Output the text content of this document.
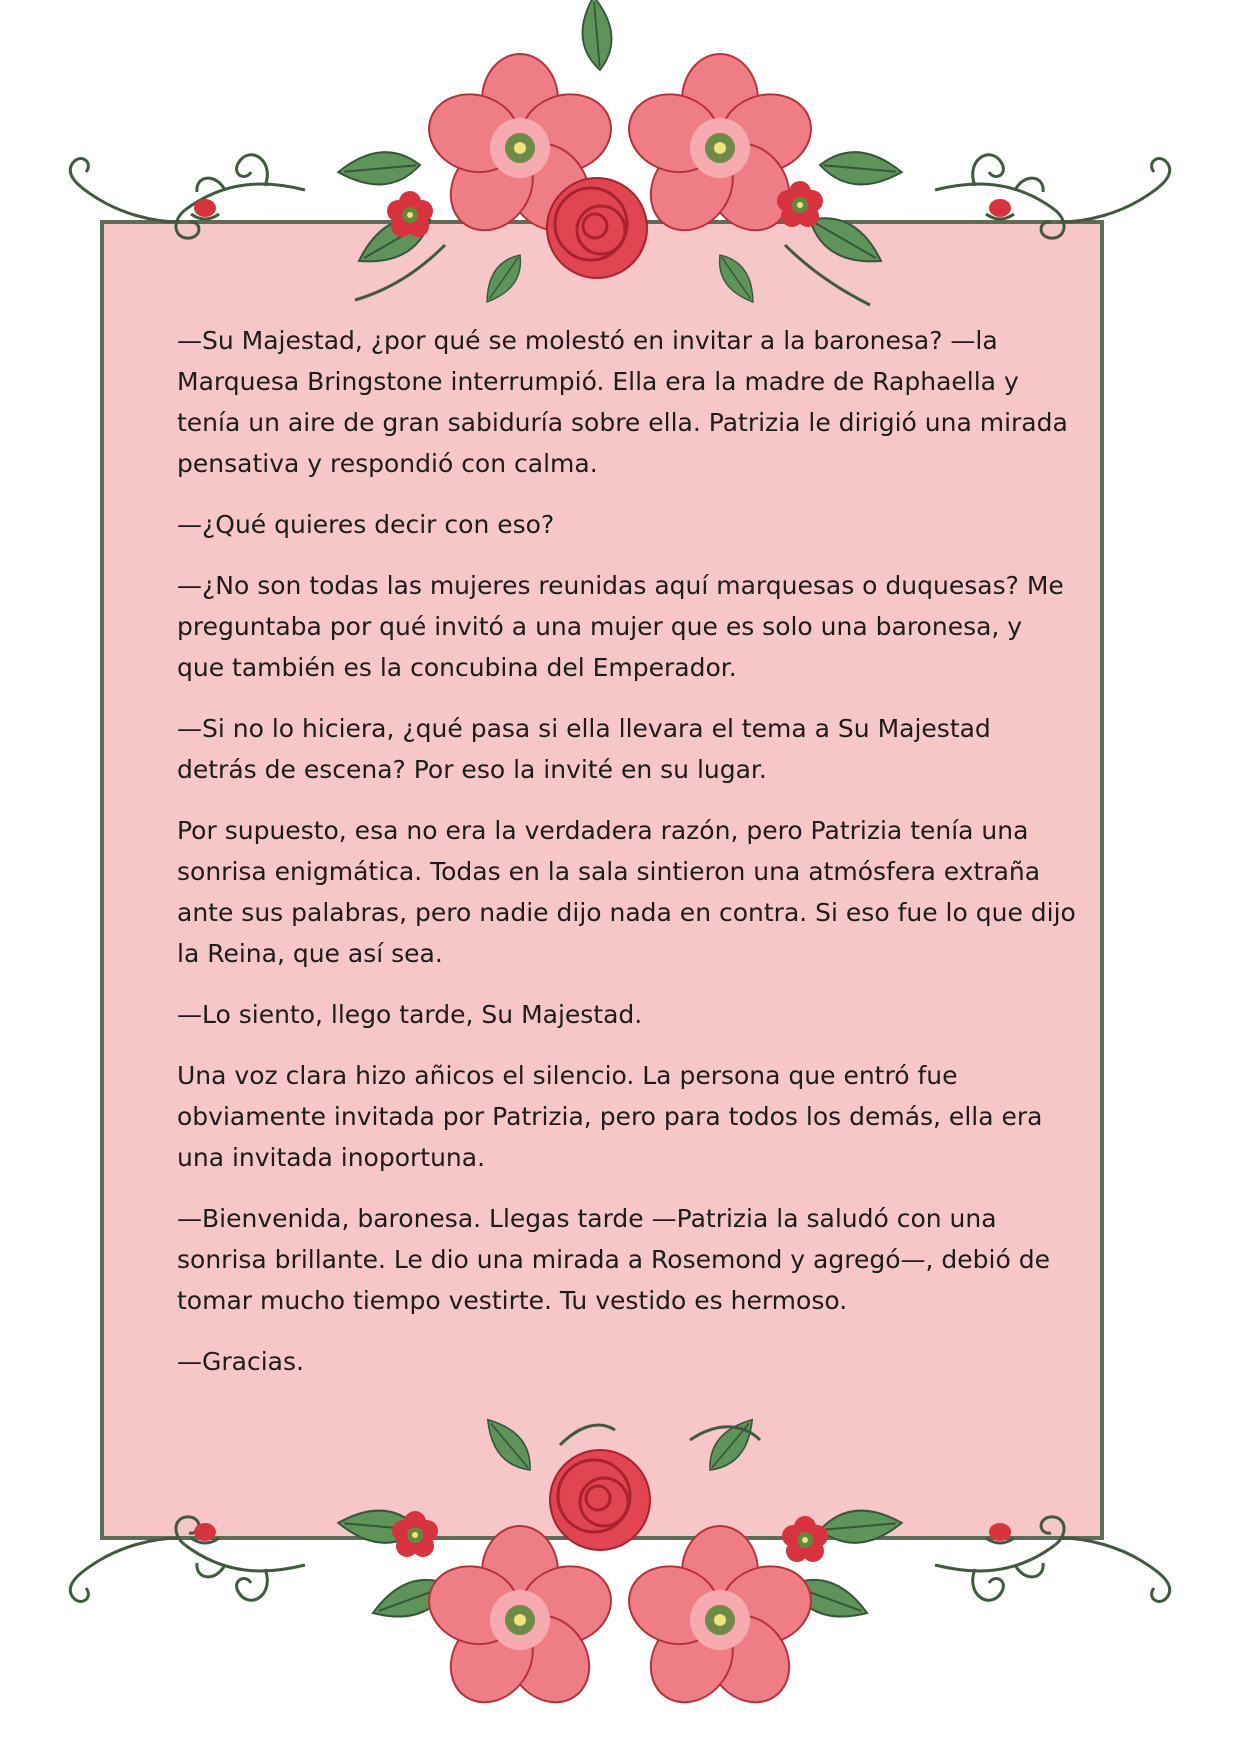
—Su Majestad, ¿por qué se molestó en invitar a la baronesa? —la Marquesa Bringstone interrumpió. Ella era la madre de Raphaella y tenía un aire de gran sabiduría sobre ella. Patrizia le dirigió una mirada pensativa y respondió con calma.

—¿Qué quieres decir con eso?

—¿No son todas las mujeres reunidas aquí marquesas o duquesas? Me preguntaba por qué invitó a una mujer que es solo una baronesa, y que también es la concubina del Emperador.

—Si no lo hiciera, ¿qué pasa si ella llevara el tema a Su Majestad detrás de escena? Por eso la invité en su lugar.

Por supuesto, esa no era la verdadera razón, pero Patrizia tenía una sonrisa enigmática. Todas en la sala sintieron una atmósfera extraña ante sus palabras, pero nadie dijo nada en contra. Si eso fue lo que dijo la Reina, que así sea.

—Lo siento, llego tarde, Su Majestad.

Una voz clara hizo añicos el silencio. La persona que entró fue obviamente invitada por Patrizia, pero para todos los demás, ella era una invitada inoportuna.

—Bienvenida, baronesa. Llegas tarde —Patrizia la saludó con una sonrisa brillante. Le dio una mirada a Rosemond y agregó—, debió de tomar mucho tiempo vestirte. Tu vestido es hermoso.

—Gracias.
